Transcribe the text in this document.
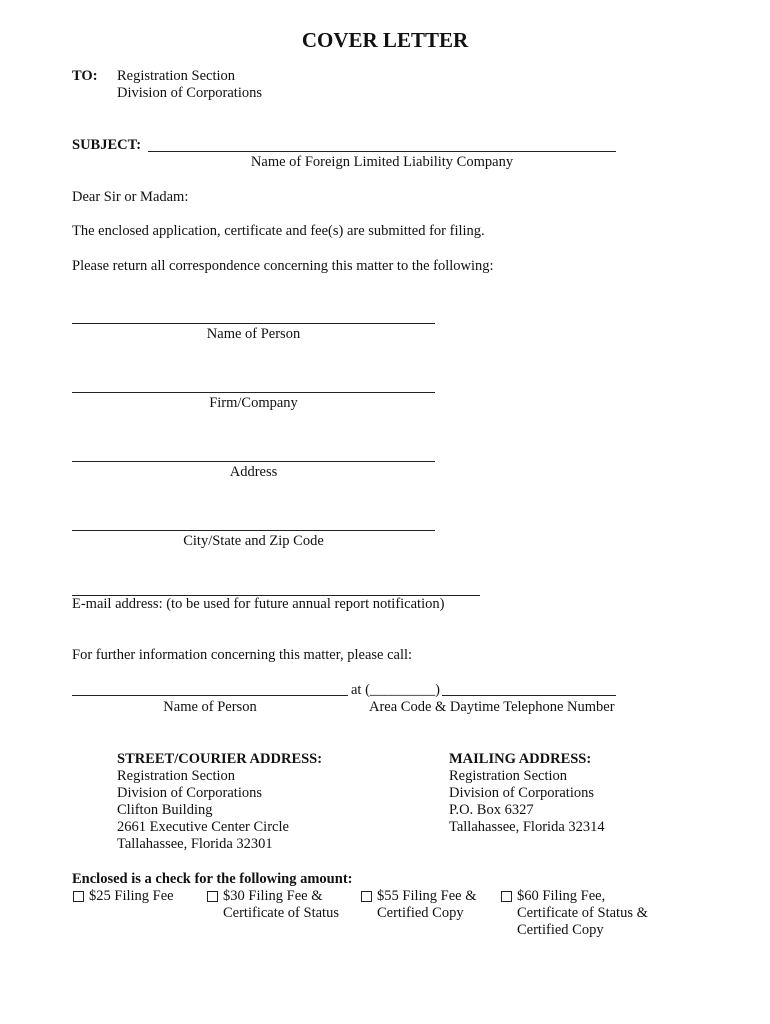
COVER LETTER
TO: Registration Section
Division of Corporations
SUBJECT:
Name of Foreign Limited Liability Company
Dear Sir or Madam:
The enclosed application, certificate and fee(s) are submitted for filing.
Please return all correspondence concerning this matter to the following:
Name of Person
Firm/Company
Address
City/State and Zip Code
E-mail address: (to be used for future annual report notification)
For further information concerning this matter, please call:
at (_________)
Name of Person	Area Code & Daytime Telephone Number
STREET/COURIER ADDRESS:
Registration Section
Division of Corporations
Clifton Building
2661 Executive Center Circle
Tallahassee, Florida 32301
MAILING ADDRESS:
Registration Section
Division of Corporations
P.O. Box 6327
Tallahassee, Florida 32314
Enclosed is a check for the following amount:
$25 Filing Fee	$30 Filing Fee &
Certificate of Status
$55 Filing Fee &
Certified Copy
$60 Filing Fee,
Certificate of Status &
Certified Copy
